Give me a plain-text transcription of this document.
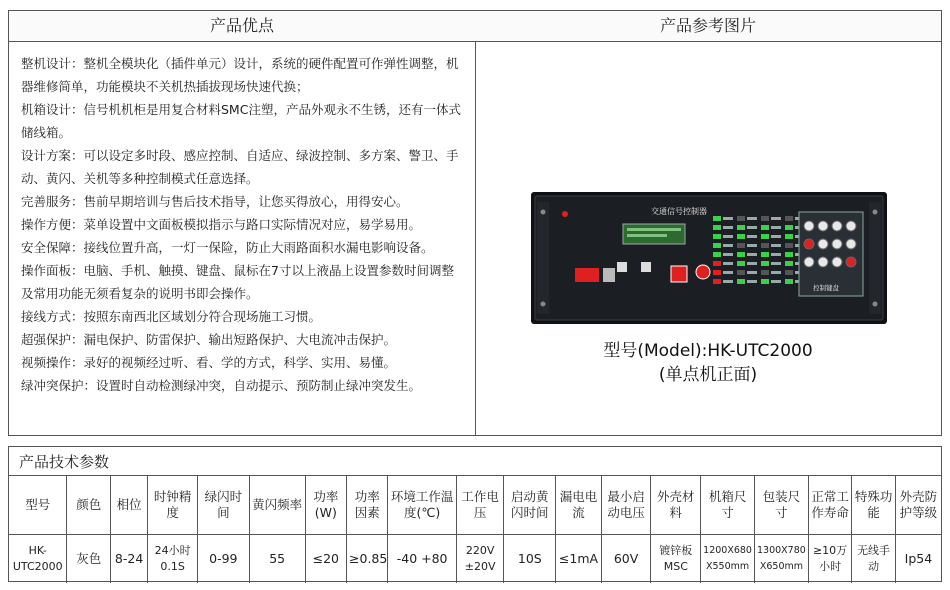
产品优点

整机设计：整机全模块化（插件单元）设计，系统的硬件配置可作弹性调整，机器维修简单，功能模块不关机热插拔现场快速代换；

机箱设计：信号机机柜是用复合材料SMC注塑，产品外观永不生锈，还有一体式储线箱。

设计方案：可以设定多时段、感应控制、自适应、绿波控制、多方案、警卫、手动、黄闪、关机等多种控制模式任意选择。

完善服务：售前早期培训与售后技术指导，让您买得放心，用得安心。

操作方便：菜单设置中文面板模拟指示与路口实际情况对应，易学易用。

安全保障：接线位置升高，一灯一保险，防止大雨路面积水漏电影响设备。

操作面板：电脑、手机、触摸、键盘、鼠标在7寸以上液晶上设置参数时间调整及常用功能无须看复杂的说明书即会操作。

接线方式：按照东南西北区域划分符合现场施工习惯。

超强保护：漏电保护、防雷保护、输出短路保护、大电流冲击保护。

视频操作：录好的视频经过听、看、学的方式，科学、实用、易懂。

绿冲突保护：设置时自动检测绿冲突，自动提示、预防制止绿冲突发生。

产品参考图片
交通信号控制器
控制键盘
型号(Model):HK-UTC2000
(单点机正面)
产品技术参数
型号	颜色	相位	时钟精度	绿闪时间	黄闪频率	功率(W)	功率因素	环境工作温度(℃)	工作电压	启动黄闪时间	漏电电流	最小启动电压	外壳材料	机箱尺寸	包装尺寸	正常工作寿命	特殊功能	外壳防护等级
HK-UTC2000	灰色	8-24	24小时0.1S	0-99	55	≤20	≥0.85	-40 +80	220V ±20V	10S	≤1mA	60V	镀锌板MSC	1200X680 X550mm	1300X780 X650mm	≥10万小时	无线手动	Ip54
